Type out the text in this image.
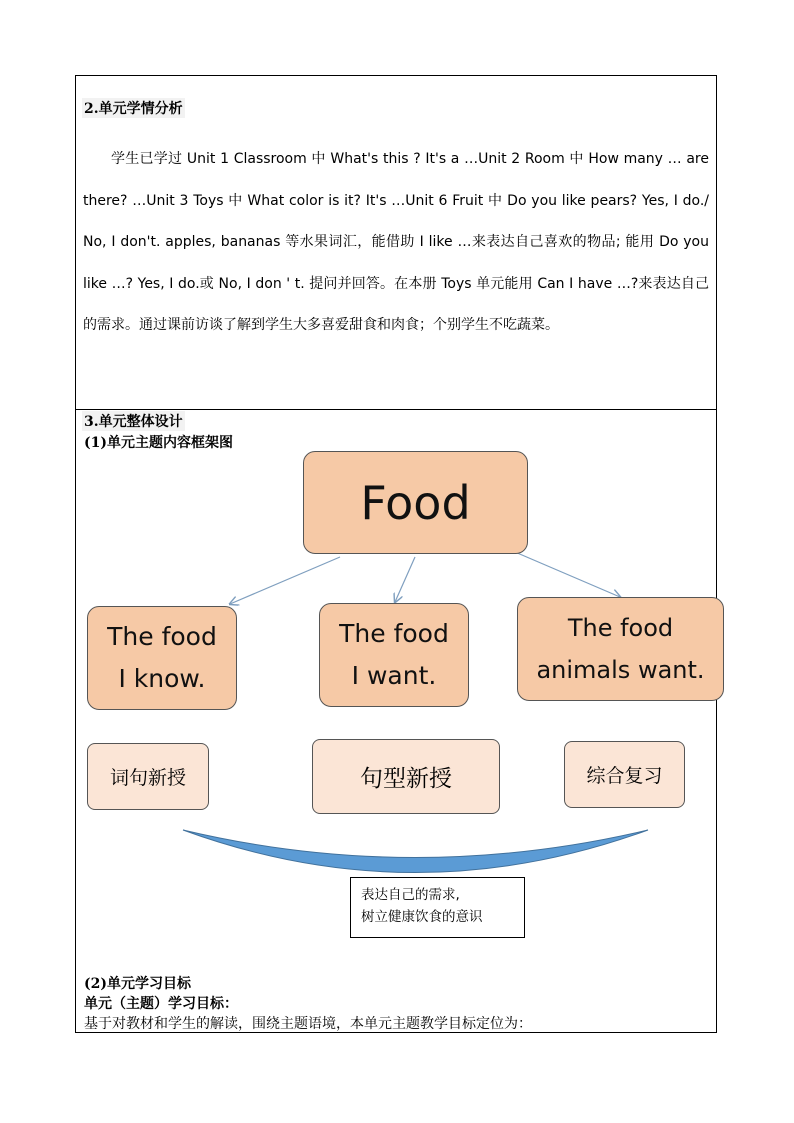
2.单元学情分析

学生已学过 Unit 1 Classroom 中 What's this ? It's a …Unit 2 Room 中 How many … are there? …Unit 3 Toys 中 What color is it? It's …Unit 6 Fruit 中 Do you like pears? Yes, I do./ No, I don't. apples, bananas 等水果词汇，能借助 I like …来表达自己喜欢的物品; 能用 Do you like …? Yes, I do.或 No, I don ' t. 提问并回答。在本册 Toys 单元能用 Can I have …?来表达自己的需求。通过课前访谈了解到学生大多喜爱甜食和肉食；个别学生不吃蔬菜。

3.单元整体设计
(1)单元主题内容框架图
Food
The food
I know.
The food
I want.
The food
animals want.
词句新授	句型新授	综合复习
表达自己的需求,
树立健康饮食的意识
(2)单元学习目标
单元（主题）学习目标：
基于对教材和学生的解读，围绕主题语境，本单元主题教学目标定位为：
